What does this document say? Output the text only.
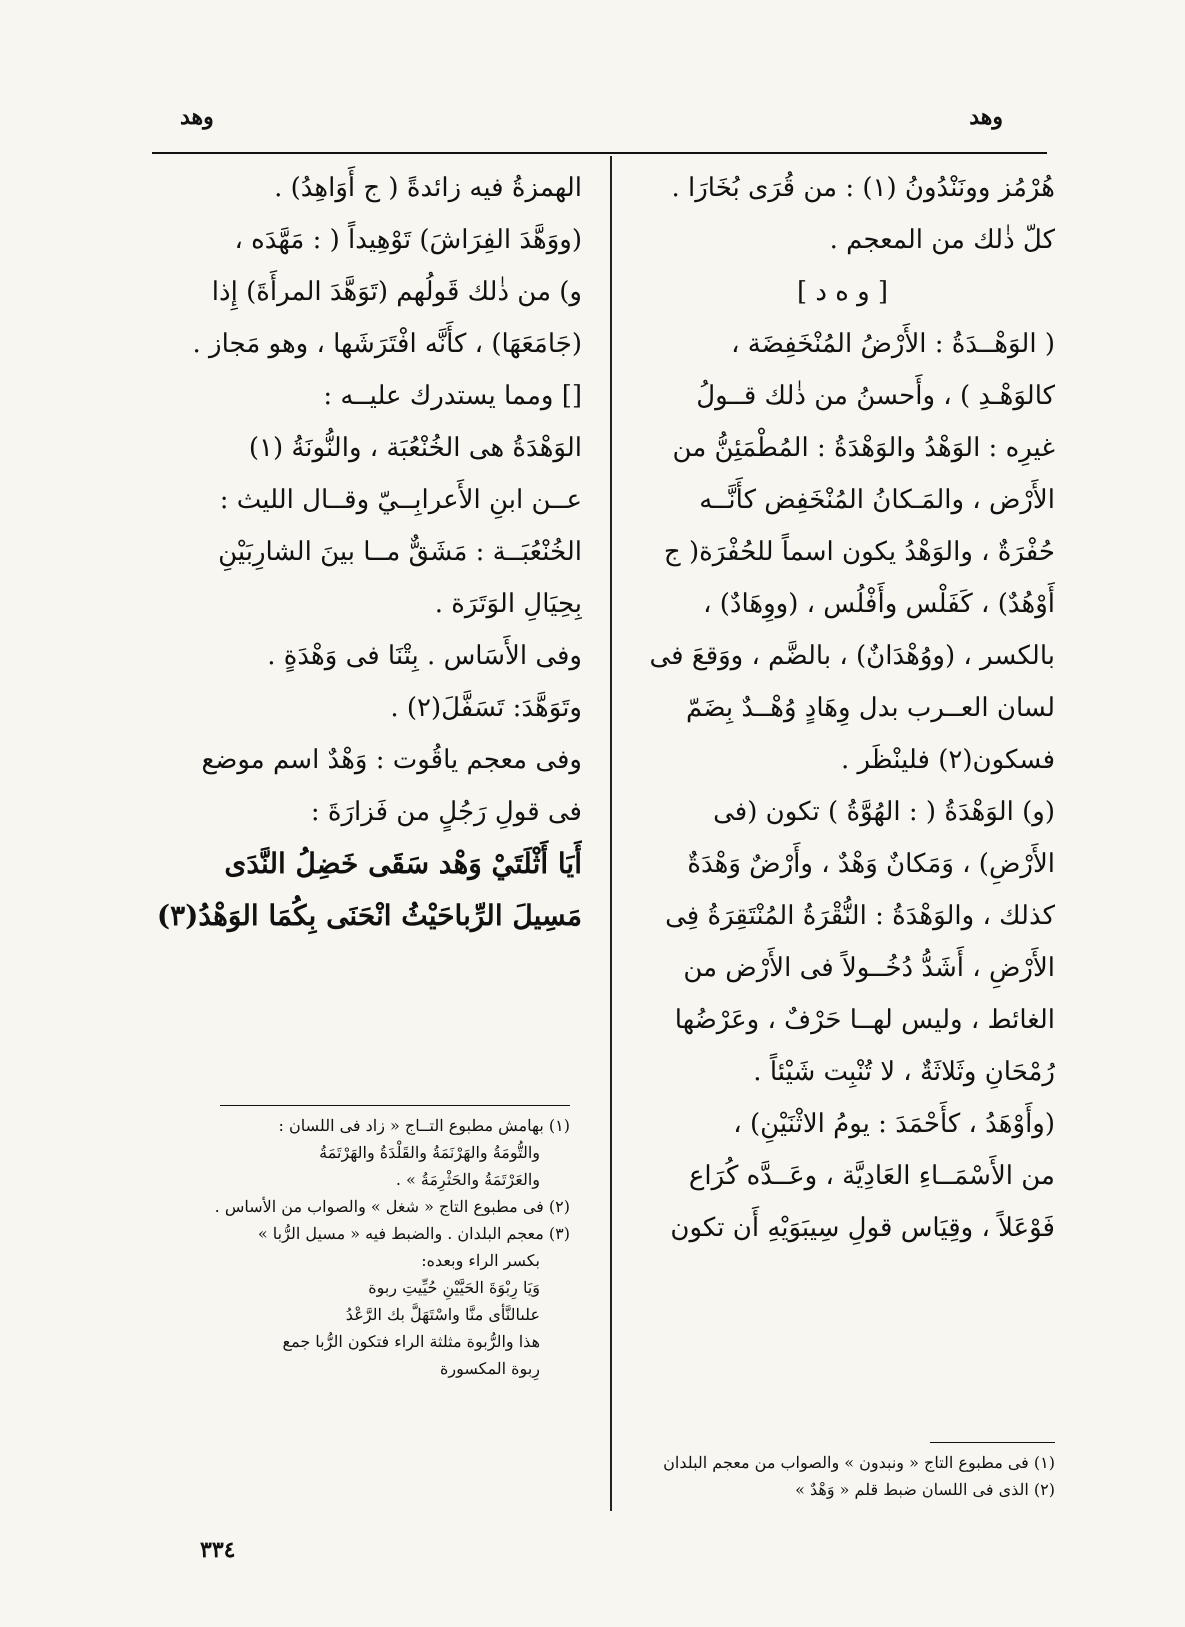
وهد
وهد
هُرْمُز وونَنْدُونُ (١) : من قُرَى بُخَارَا .
كلّ ذٰلك من المعجم .
[ و ه د ]
( الوَهْــدَةُ : الأَرْضُ المُنْخَفِضَة ،
كالوَهْـدِ ) ، وأَحسنُ من ذٰلك قــولُ
غيرِه : الوَهْدُ والوَهْدَةُ : المُطْمَئِنُّ من
الأَرْض ، والمَـكانُ المُنْخَفِض كأَنَّــه
حُفْرَةٌ ، والوَهْدُ يكون اسماً للحُفْرَة( ج
أَوْهُدٌ) ، كَفَلْس وأَفْلُس ، (ووِهَادٌ) ،
بالكسر ، (ووُهْدَانٌ) ، بالضَّم ، ووَقعَ فى
لسان العــرب بدل وِهَادٍ وُهْــدٌ بِضَمّ
فسكون(٢) فلينْظَر .
(و) الوَهْدَةُ ( : الهُوَّةُ ) تكون (فى
الأَرْضِ) ، وَمَكانٌ وَهْدٌ ، وأَرْضٌ وَهْدَةٌ
كذلك ، والوَهْدَةُ : النُّقْرَةُ المُنْتَقِرَةُ فِى
الأَرْضِ ، أَشَدُّ دُخُــولاً فى الأَرْض من
الغائط ، وليس لهــا حَرْفٌ ، وعَرْضُها
رُمْحَانِ وثَلاثَةٌ ، لا تُنْبِت شَيْئاً .
(وأَوْهَدُ ، كأَحْمَدَ : يومُ الاثْنَيْنِ) ،
من الأَسْمَــاءِ العَادِيَّة ، وعَــدَّه كُرَاع
فَوْعَلاً ، وقِيَاس قولِ سِيبَوَيْهِ أَن تكون
الهمزةُ فيه زائدةً ( ج أَوَاهِدُ) .
(ووَهَّدَ الفِرَاشَ) تَوْهِيداً ( : مَهَّدَه ،
و) من ذٰلك قَولُهم (تَوَهَّدَ المرأَةَ) إِذا
(جَامَعَهَا) ، كأَنَّه افْتَرَشَها ، وهو مَجاز .
[] ومما يستدرك عليــه :
الوَهْدَةُ هى الخُنْعُبَة ، والنُّونَةُ (١)
عــن ابنِ الأَعرابِــيّ وقــال الليث :
الخُنْعُبَــة : مَشَقٌّ مــا بينَ الشارِبَيْنِ
بِحِيَالِ الوَتَرَة .
وفى الأَسَاس . بِتْنَا فى وَهْدَةٍ .
وتَوَهَّدَ: تَسَفَّلَ(٢) .
وفى معجم ياقُوت : وَهْدٌ اسم موضع
فى قولِ رَجُلٍ من فَزارَةَ :
أَيَا أَثْلَتَيْ وَهْد سَقَى خَضِلُ النَّدَى
مَسِيلَ الرِّباحَيْثُ انْحَنَى بِكُمَا الوَهْدُ(٣)
(١) بهامش مطبوع التــاج « زاد فى اللسان :
والتُّومَةُ والهَرْنَمَةُ والقَلْدَةُ والهَرْتَمَةُ
والعَرْتَمَةُ والحَثْرِمَةُ » .
(٢) فى مطبوع التاج « شغل » والصواب من الأساس .
(٣) معجم البلدان . والضبط فيه « مسيل الرُّبا »
بكسر الراء وبعده:
وَيَا رِبْوَةَ الحَيَّيْنِ حُيِّيتِ ربوة
علىالنَّأى منَّا واسْتَهَلَّ بك الرَّعْدُ
هذا والرُّبوة مثلثة الراء فتكون الرُّبا جمع
رِبوة المكسورة
(١) فى مطبوع التاج « ونبدون » والصواب من معجم البلدان
(٢) الذى فى اللسان ضبط قلم « وَهْدٌ »
٣٣٤
